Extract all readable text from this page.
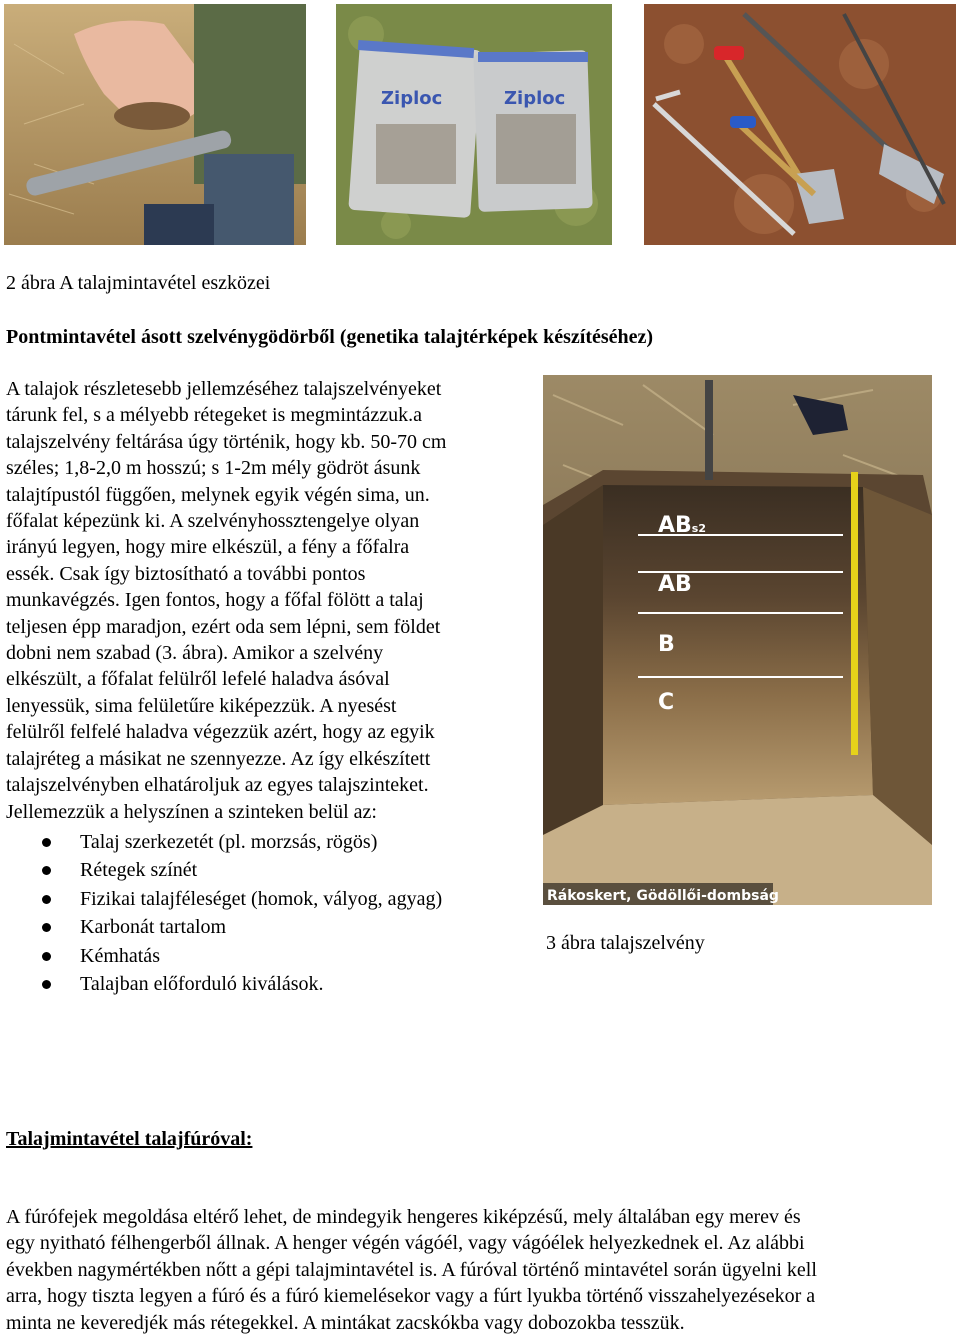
Ziploc	Ziploc
2 ábra A talajmintavétel eszközei
Pontmintavétel ásott szelvénygödörből (genetika talajtérképek készítéséhez)
A talajok részletesebb jellemzéséhez talajszelvényeket
tárunk fel, s a mélyebb rétegeket is megmintázzuk.a
talajszelvény feltárása úgy történik, hogy kb. 50-70 cm
széles; 1,8-2,0 m hosszú; s 1-2m mély gödröt ásunk
talajtípustól függően, melynek egyik végén sima, un.
főfalat képezünk ki. A szelvényhossztengelye olyan
irányú legyen, hogy mire elkészül, a fény a főfalra
essék. Csak így biztosítható a további pontos
munkavégzés. Igen fontos, hogy a főfal fölött a talaj
teljesen épp maradjon, ezért oda sem lépni, sem földet
dobni nem szabad (3. ábra). Amikor a szelvény
elkészült, a főfalat felülről lefelé haladva ásóval
lenyessük, sima felületűre kiképezzük. A nyesést
felülről felfelé haladva végezzük azért, hogy az egyik
talajréteg a másikat ne szennyezze. Az így elkészített
talajszelvényben elhatároljuk az egyes talajszinteket.
Jellemezzük a helyszínen a szinteken belül az:
Talaj szerkezetét (pl. morzsás, rögös)
Rétegek színét
Fizikai talajféleséget (homok, vályog, agyag)
Karbonát tartalom
Kémhatás
Talajban előforduló kiválások.
ABs2
AB
B
C
Rákoskert, Gödöllői-dombság
3 ábra talajszelvény
Talajmintavétel talajfúróval:
A fúrófejek megoldása eltérő lehet, de mindegyik hengeres kiképzésű, mely általában egy merev és
egy nyitható félhengerből állnak. A henger végén vágóél, vagy vágóélek helyezkednek el. Az alábbi
években nagymértékben nőtt a gépi talajmintavétel is. A fúróval történő mintavétel során ügyelni kell
arra, hogy tiszta legyen a fúró és a fúró kiemelésekor vagy a fúrt lyukba történő visszahelyezésekor a
minta ne keveredjék más rétegekkel. A mintákat zacskókba vagy dobozokba tesszük.
